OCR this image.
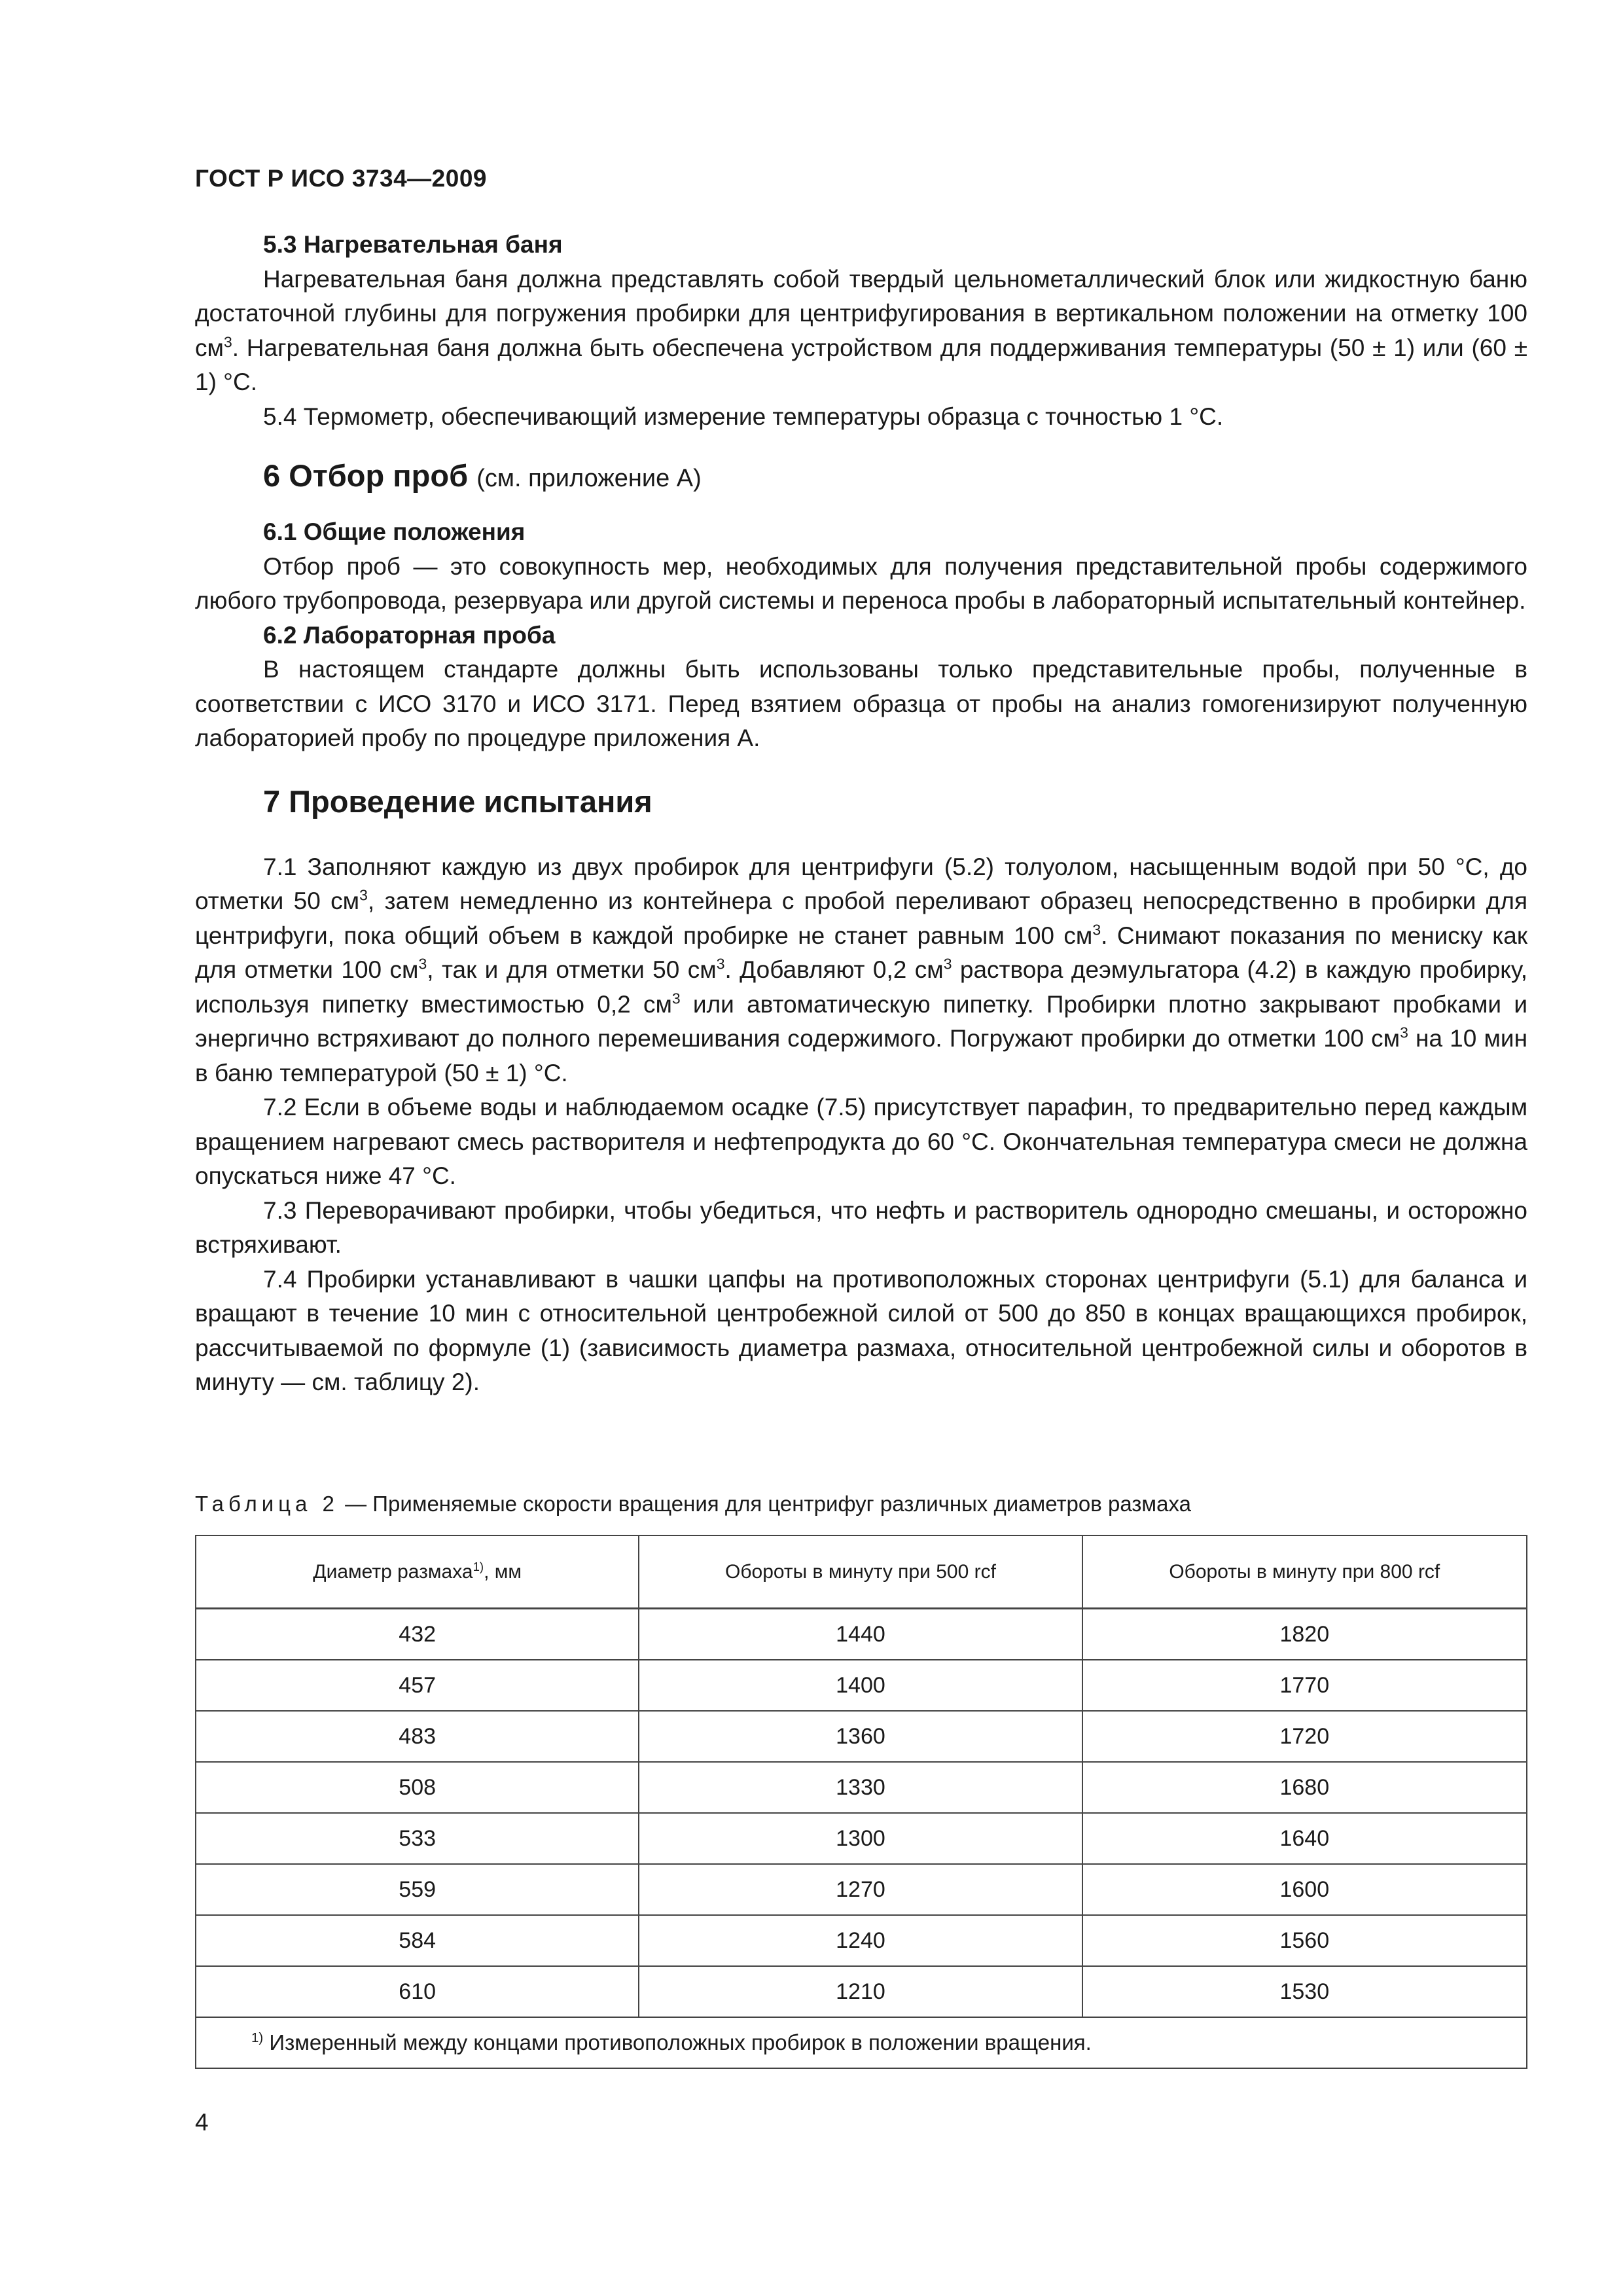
ГОСТ Р ИСО 3734—2009
5.3 Нагревательная баня

Нагревательная баня должна представлять собой твердый цельнометаллический блок или жидкостную баню достаточной глубины для погружения пробирки для центрифугирования в вертикальном положении на отметку 100 $см^3$. Нагревательная баня должна быть обеспечена устройством для поддерживания температуры (50 ± 1) или (60 ± 1) °С.

5.4 Термометр, обеспечивающий измерение температуры образца с точностью 1 °С.

6 Отбор проб (см. приложение А)
6.1 Общие положения

Отбор проб — это совокупность мер, необходимых для получения представительной пробы содержимого любого трубопровода, резервуара или другой системы и переноса пробы в лабораторный испытательный контейнер.

6.2 Лабораторная проба

В настоящем стандарте должны быть использованы только представительные пробы, полученные в соответствии с ИСО 3170 и ИСО 3171. Перед взятием образца от пробы на анализ гомогенизируют полученную лабораторией пробу по процедуре приложения А.

7 Проведение испытания

7.1 Заполняют каждую из двух пробирок для центрифуги (5.2) толуолом, насыщенным водой при 50 °С, до отметки 50 $см^3$, затем немедленно из контейнера с пробой переливают образец непосредственно в пробирки для центрифуги, пока общий объем в каждой пробирке не станет равным 100 $см^3$. Снимают показания по мениску как для отметки 100 $см^3$, так и для отметки 50 $см^3$. Добавляют 0,2 $см^3$ раствора деэмульгатора (4.2) в каждую пробирку, используя пипетку вместимостью 0,2 $см^3$ или автоматическую пипетку. Пробирки плотно закрывают пробками и энергично встряхивают до полного перемешивания содержимого. Погружают пробирки до отметки 100 $см^3$ на 10 мин в баню температурой (50 ± 1) °С.

7.2 Если в объеме воды и наблюдаемом осадке (7.5) присутствует парафин, то предварительно перед каждым вращением нагревают смесь растворителя и нефтепродукта до 60 °С. Окончательная температура смеси не должна опускаться ниже 47 °С.

7.3 Переворачивают пробирки, чтобы убедиться, что нефть и растворитель однородно смешаны, и осторожно встряхивают.

7.4 Пробирки устанавливают в чашки цапфы на противоположных сторонах центрифуги (5.1) для баланса и вращают в течение 10 мин с относительной центробежной силой от 500 до 850 в концах вращающихся пробирок, рассчитываемой по формуле (1) (зависимость диаметра размаха, относительной центробежной силы и оборотов в минуту — см. таблицу 2).

Таблица 2 — Применяемые скорости вращения для центрифуг различных диаметров размаха
Диаметр размаха$^{1)}$, мм	Обороты в минуту при 500 rcf	Обороты в минуту при 800 rcf
432	1440	1820
457	1400	1770
483	1360	1720
508	1330	1680
533	1300	1640
559	1270	1600
584	1240	1560
610	1210	1530
$^{1)}$ Измеренный между концами противоположных пробирок в положении вращения.		
4
